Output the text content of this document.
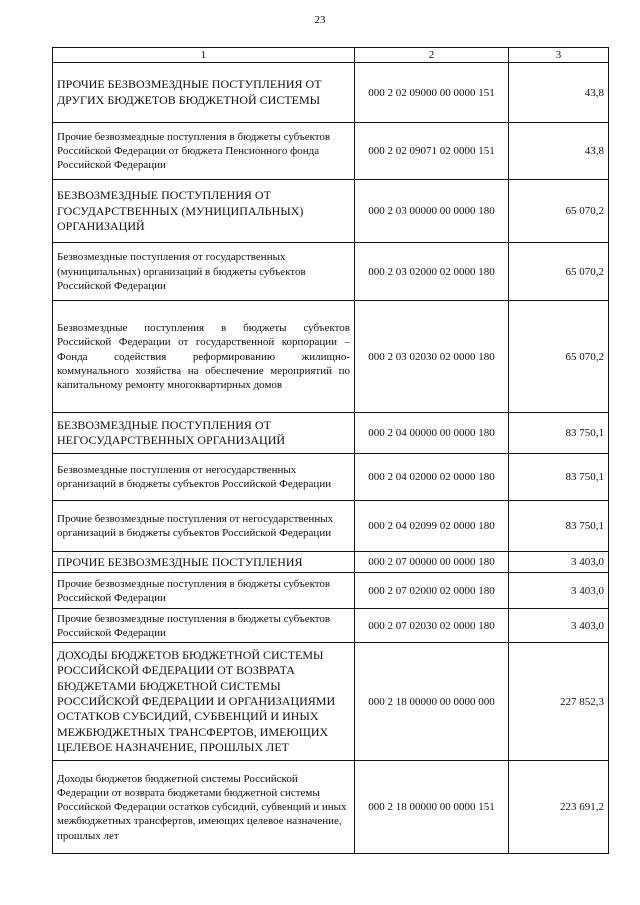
23
1	2	3
ПРОЧИЕ БЕЗВОЗМЕЗДНЫЕ ПОСТУПЛЕНИЯ ОТ ДРУГИХ БЮДЖЕТОВ БЮДЖЕТНОЙ СИСТЕМЫ	000 2 02 09000 00 0000 151	43,8
Прочие безвозмездные поступления в бюджеты субъектов Российской Федерации от бюджета Пенсионного фонда Российской Федерации	000 2 02 09071 02 0000 151	43,8
БЕЗВОЗМЕЗДНЫЕ ПОСТУПЛЕНИЯ ОТ ГОСУДАРСТВЕННЫХ (МУНИЦИПАЛЬНЫХ) ОРГАНИЗАЦИЙ	000 2 03 00000 00 0000 180	65 070,2
Безвозмездные поступления от государственных (муниципальных) организаций в бюджеты субъектов Российской Федерации	000 2 03 02000 02 0000 180	65 070,2
Безвозмездные поступления в бюджеты субъектов Российской Федерации от государственной корпорации – Фонда содействия реформированию жилищно-коммунального хозяйства на обеспечение мероприятий по капитальному ремонту многоквартирных домов	000 2 03 02030 02 0000 180	65 070,2
БЕЗВОЗМЕЗДНЫЕ ПОСТУПЛЕНИЯ ОТ НЕГОСУДАРСТВЕННЫХ ОРГАНИЗАЦИЙ	000 2 04 00000 00 0000 180	83 750,1
Безвозмездные поступления от негосударственных организаций в бюджеты субъектов Российской Федерации	000 2 04 02000 02 0000 180	83 750,1
Прочие безвозмездные поступления от негосударственных организаций в бюджеты субъектов Российской Федерации	000 2 04 02099 02 0000 180	83 750,1
ПРОЧИЕ БЕЗВОЗМЕЗДНЫЕ ПОСТУПЛЕНИЯ	000 2 07 00000 00 0000 180	3 403,0
Прочие безвозмездные поступления в бюджеты субъектов Российской Федерации	000 2 07 02000 02 0000 180	3 403,0
Прочие безвозмездные поступления в бюджеты субъектов Российской Федерации	000 2 07 02030 02 0000 180	3 403,0
ДОХОДЫ БЮДЖЕТОВ БЮДЖЕТНОЙ СИСТЕМЫ РОССИЙСКОЙ ФЕДЕРАЦИИ ОТ ВОЗВРАТА БЮДЖЕТАМИ БЮДЖЕТНОЙ СИСТЕМЫ РОССИЙСКОЙ ФЕДЕРАЦИИ И ОРГАНИЗАЦИЯМИ ОСТАТКОВ СУБСИДИЙ, СУБВЕНЦИЙ И ИНЫХ МЕЖБЮДЖЕТНЫХ ТРАНСФЕРТОВ, ИМЕЮЩИХ ЦЕЛЕВОЕ НАЗНАЧЕНИЕ, ПРОШЛЫХ ЛЕТ	000 2 18 00000 00 0000 000	227 852,3
Доходы бюджетов бюджетной системы Российской Федерации от возврата бюджетами бюджетной системы Российской Федерации остатков субсидий, субвенций и иных межбюджетных трансфертов, имеющих целевое назначение, прошлых лет	000 2 18 00000 00 0000 151	223 691,2
